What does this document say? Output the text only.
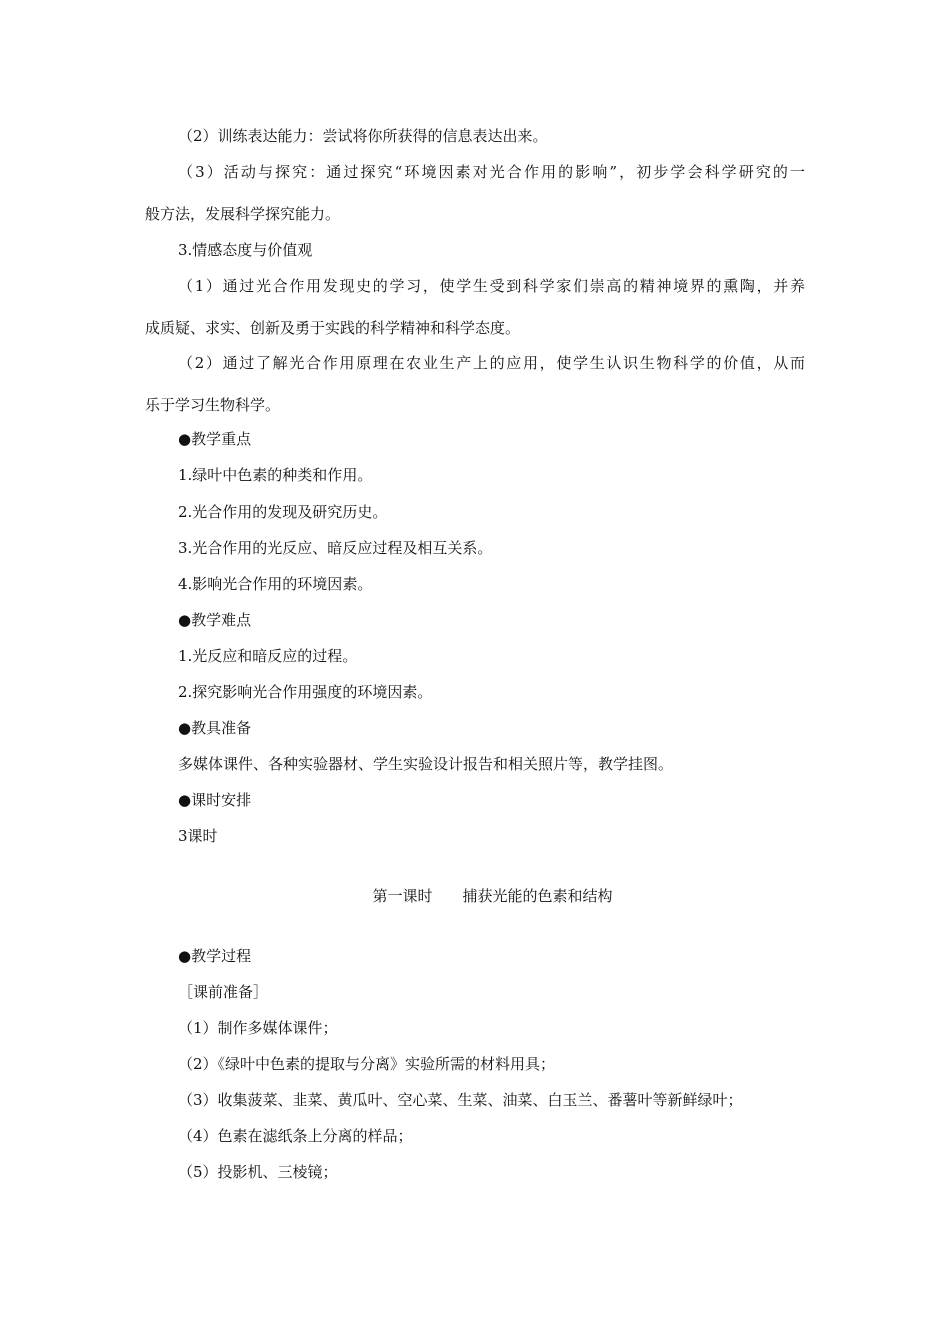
（2）训练表达能力：尝试将你所获得的信息表达出来。
（3）活动与探究：通过探究“环境因素对光合作用的影响”，初步学会科学研究的一
般方法，发展科学探究能力。
3.情感态度与价值观
（1）通过光合作用发现史的学习，使学生受到科学家们崇高的精神境界的熏陶，并养
成质疑、求实、创新及勇于实践的科学精神和科学态度。
（2）通过了解光合作用原理在农业生产上的应用，使学生认识生物科学的价值，从而
乐于学习生物科学。
●教学重点
1.绿叶中色素的种类和作用。
2.光合作用的发现及研究历史。
3.光合作用的光反应、暗反应过程及相互关系。
4.影响光合作用的环境因素。
●教学难点
1.光反应和暗反应的过程。
2.探究影响光合作用强度的环境因素。
●教具准备
多媒体课件、各种实验器材、学生实验设计报告和相关照片等，教学挂图。
●课时安排
3课时
第一课时 捕获光能的色素和结构
●教学过程
［课前准备］
（1）制作多媒体课件；
（2）《绿叶中色素的提取与分离》实验所需的材料用具；
（3）收集菠菜、韭菜、黄瓜叶、空心菜、生菜、油菜、白玉兰、番薯叶等新鲜绿叶；
（4）色素在滤纸条上分离的样品；
（5）投影机、三棱镜；
